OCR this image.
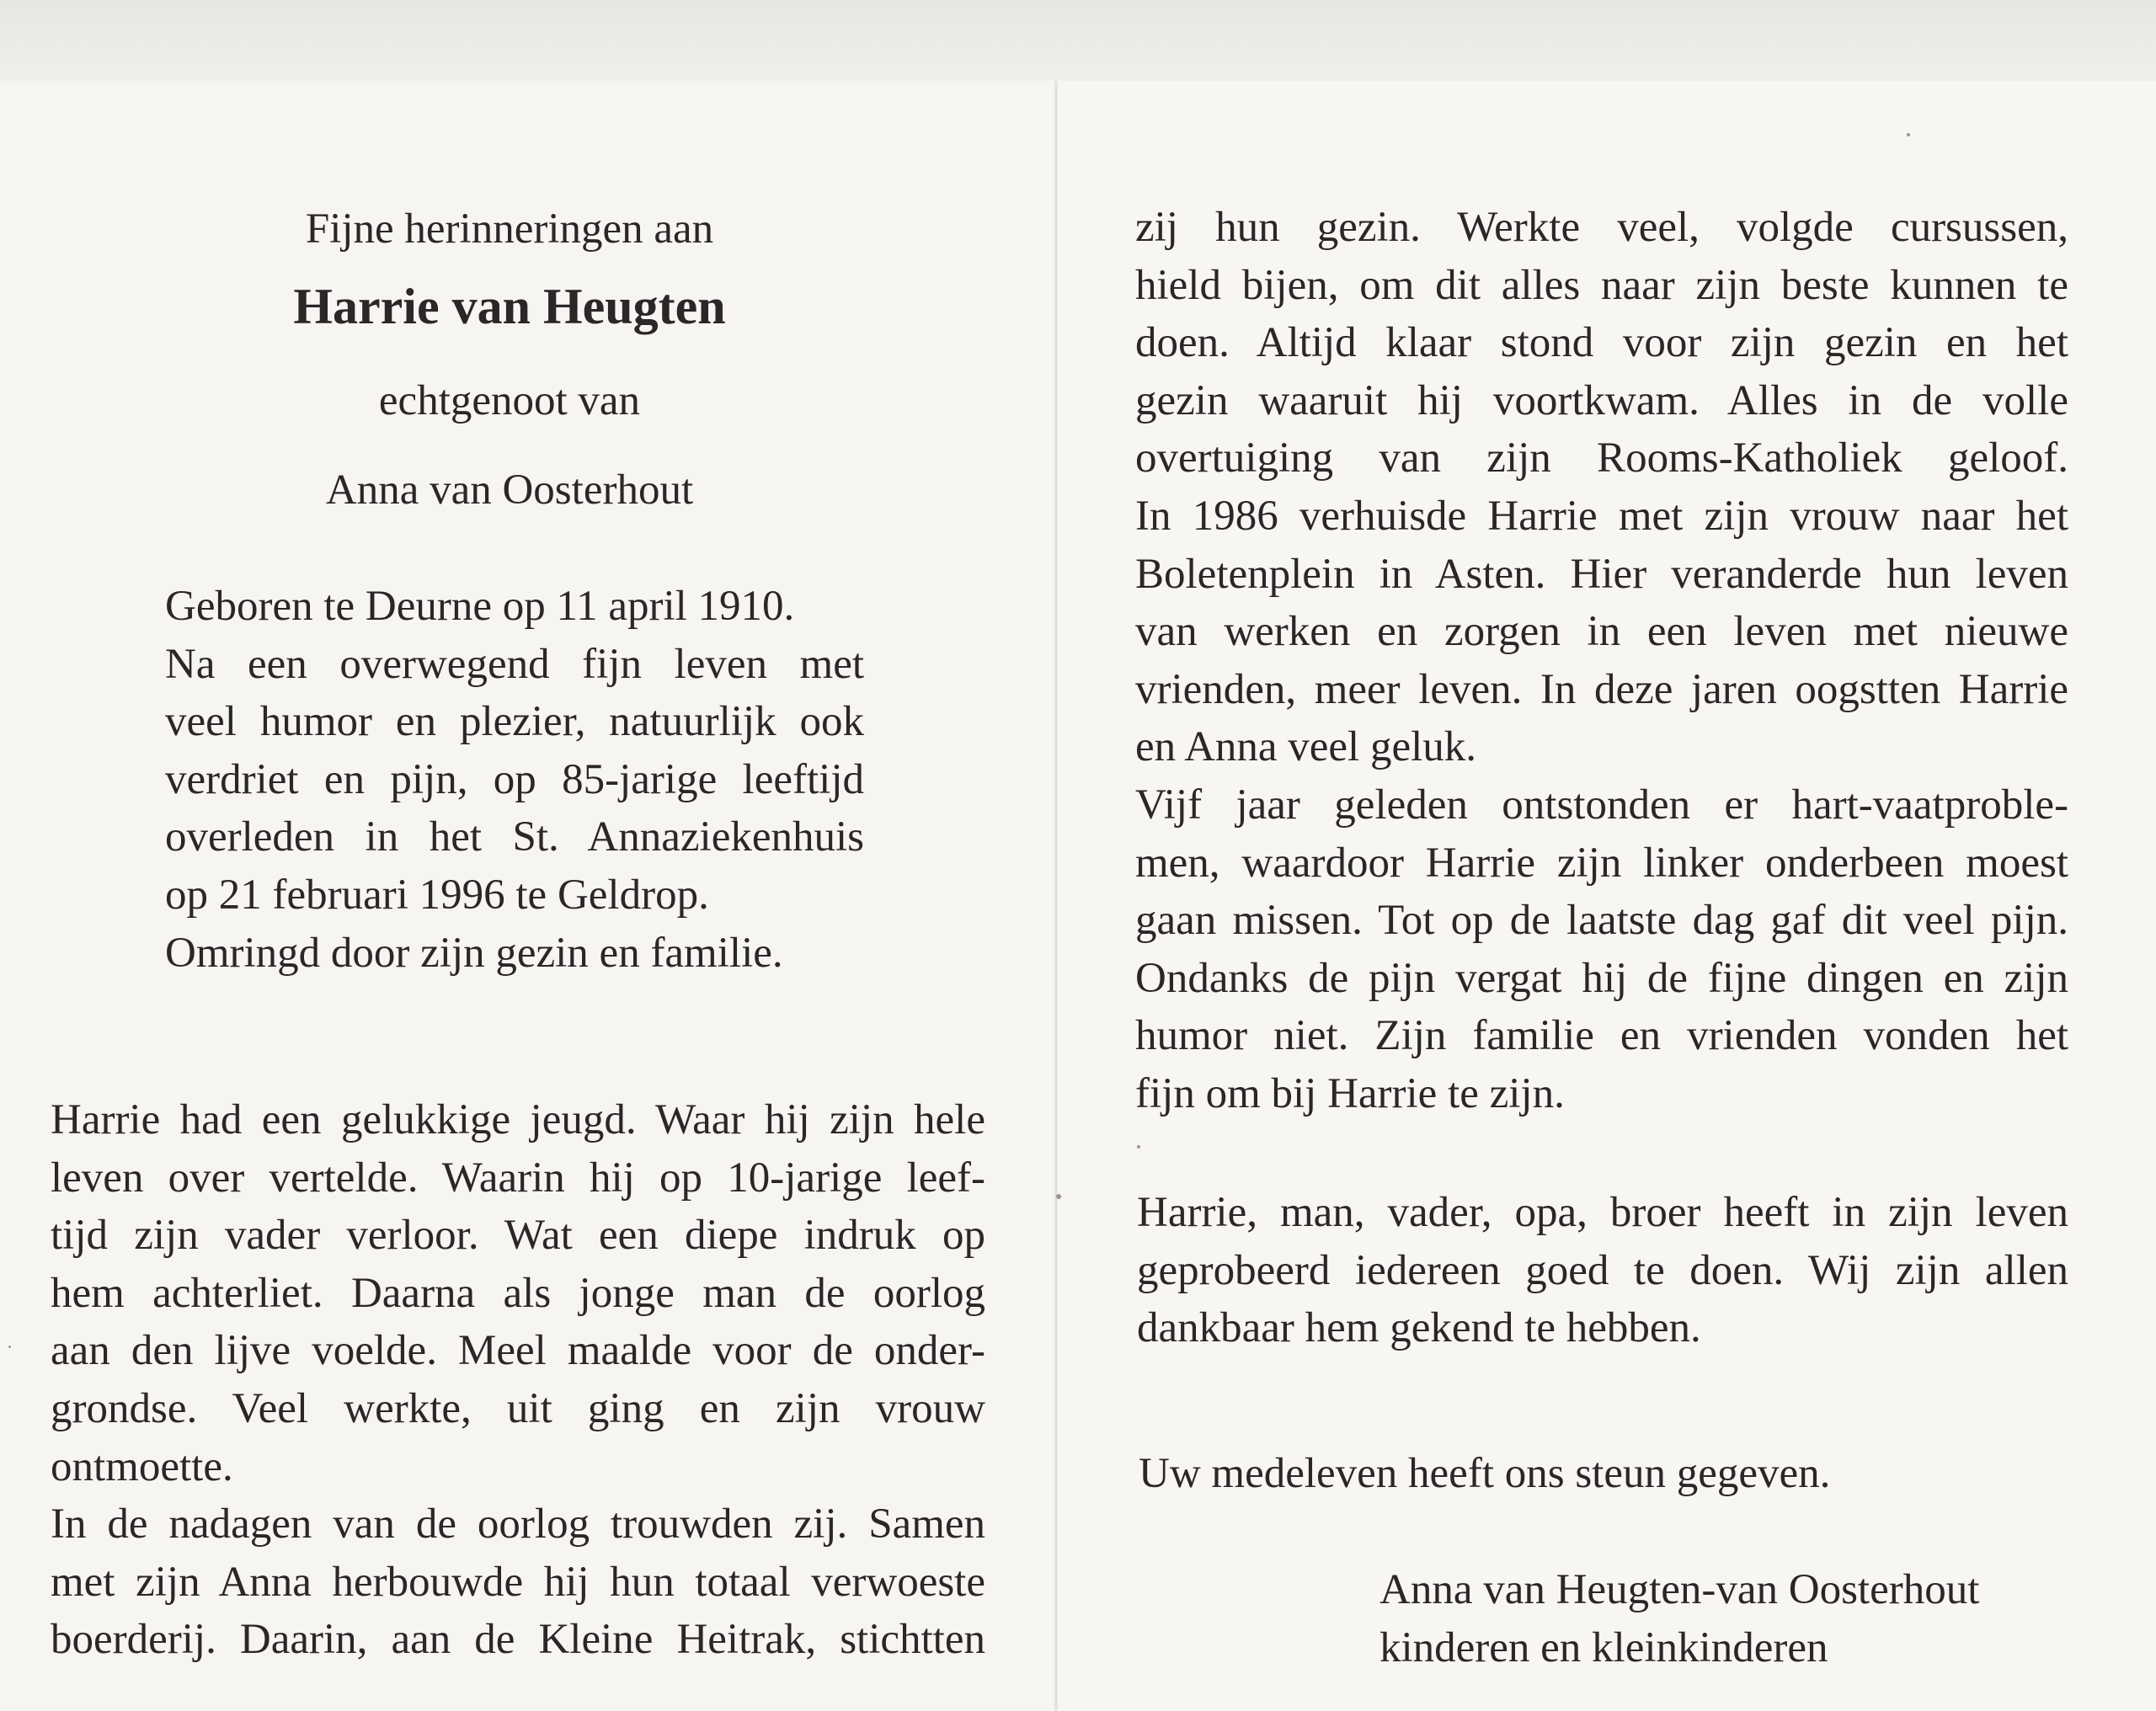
Fijne herinneringen aan
Harrie van Heugten
echtgenoot van
Anna van Oosterhout
Geboren te Deurne op 11 april 1910.
Na een overwegend fijn leven met
veel humor en plezier, natuurlijk ook
verdriet en pijn, op 85-jarige leeftijd
overleden in het St. Annaziekenhuis
op 21 februari 1996 te Geldrop.
Omringd door zijn gezin en familie.
Harrie had een gelukkige jeugd. Waar hij zijn hele
leven over vertelde. Waarin hij op 10-jarige leef-
tijd zijn vader verloor. Wat een diepe indruk op
hem achterliet. Daarna als jonge man de oorlog
aan den lijve voelde. Meel maalde voor de onder-
grondse. Veel werkte, uit ging en zijn vrouw
ontmoette.
In de nadagen van de oorlog trouwden zij. Samen
met zijn Anna herbouwde hij hun totaal verwoeste
boerderij. Daarin, aan de Kleine Heitrak, stichtten
zij hun gezin. Werkte veel, volgde cursussen,
hield bijen, om dit alles naar zijn beste kunnen te
doen. Altijd klaar stond voor zijn gezin en het
gezin waaruit hij voortkwam. Alles in de volle
overtuiging van zijn Rooms-Katholiek geloof.
In 1986 verhuisde Harrie met zijn vrouw naar het
Boletenplein in Asten. Hier veranderde hun leven
van werken en zorgen in een leven met nieuwe
vrienden, meer leven. In deze jaren oogstten Harrie
en Anna veel geluk.
Vijf jaar geleden ontstonden er hart-vaatproble-
men, waardoor Harrie zijn linker onderbeen moest
gaan missen. Tot op de laatste dag gaf dit veel pijn.
Ondanks de pijn vergat hij de fijne dingen en zijn
humor niet. Zijn familie en vrienden vonden het
fijn om bij Harrie te zijn.
Harrie, man, vader, opa, broer heeft in zijn leven
geprobeerd iedereen goed te doen. Wij zijn allen
dankbaar hem gekend te hebben.
Uw medeleven heeft ons steun gegeven.
Anna van Heugten-van Oosterhout
kinderen en kleinkinderen
